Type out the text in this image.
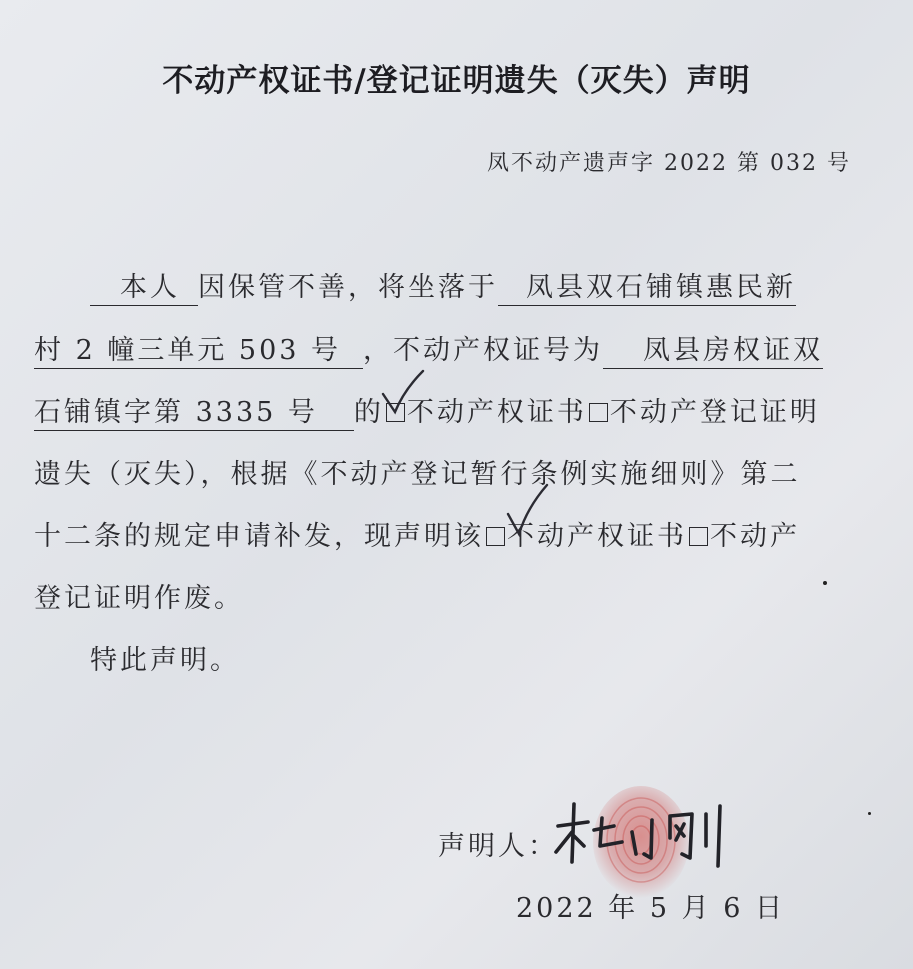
不动产权证书/登记证明遗失（灭失）声明
凤不动产遗声字 2022 第 032 号
本人 因保管不善，将坐落于 凤县双石铺镇惠民新
村 2 幢三单元 503 号 ，不动产权证号为 凤县房权证双
石铺镇字第 3335 号 的 不动产权证书 不动产登记证明
遗失（灭失），根据《不动产登记暂行条例实施细则》第二
十二条的规定申请补发，现声明该 不动产权证书 不动产
登记证明作废。
特此声明。
声明人：
2022 年 5 月 6 日
